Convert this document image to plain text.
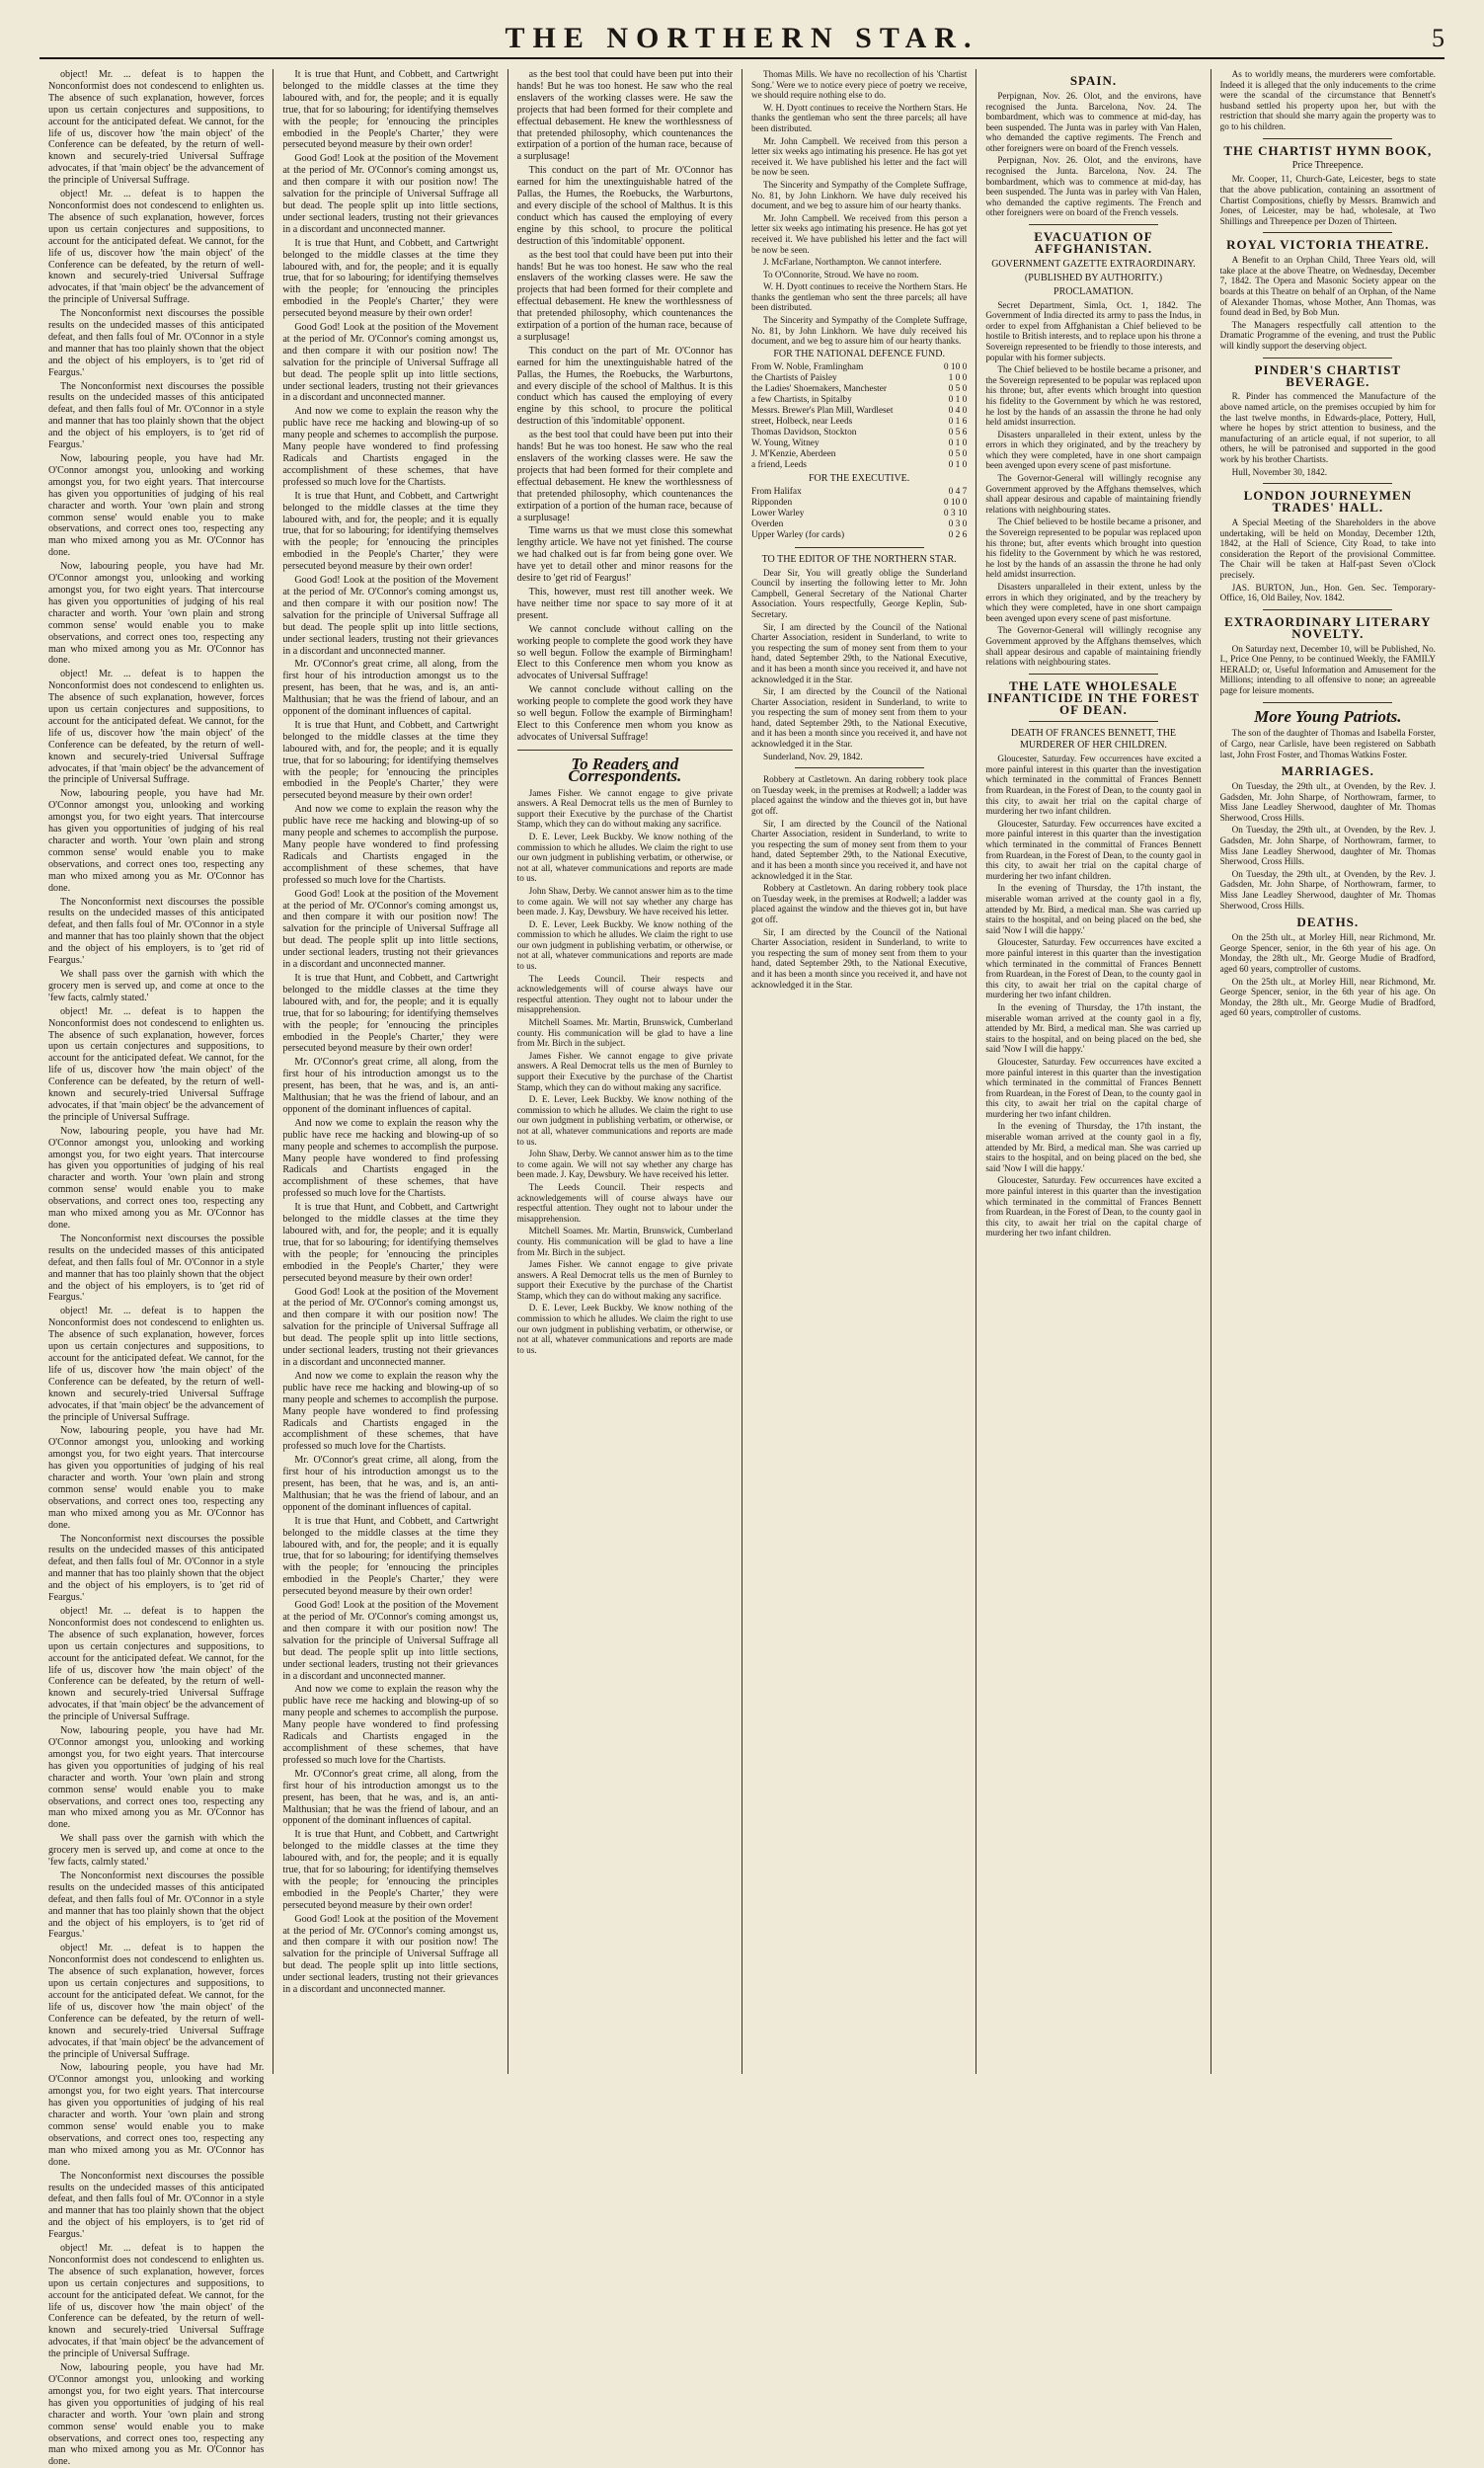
THE NORTHERN STAR.	5

object! Mr. ... defeat is to happen the Nonconformist does not condescend to enlighten us. The absence of such explanation, however, forces upon us certain conjectures and suppositions, to account for the anticipated defeat. We cannot, for the life of us, discover how 'the main object' of the Conference can be defeated, by the return of well-known and securely-tried Universal Suffrage advocates, if that 'main object' be the advancement of the principle of Universal Suffrage.

object! Mr. ... defeat is to happen the Nonconformist does not condescend to enlighten us. The absence of such explanation, however, forces upon us certain conjectures and suppositions, to account for the anticipated defeat. We cannot, for the life of us, discover how 'the main object' of the Conference can be defeated, by the return of well-known and securely-tried Universal Suffrage advocates, if that 'main object' be the advancement of the principle of Universal Suffrage.

The Nonconformist next discourses the possible results on the undecided masses of this anticipated defeat, and then falls foul of Mr. O'Connor in a style and manner that has too plainly shown that the object and the object of his employers, is to 'get rid of Feargus.'

The Nonconformist next discourses the possible results on the undecided masses of this anticipated defeat, and then falls foul of Mr. O'Connor in a style and manner that has too plainly shown that the object and the object of his employers, is to 'get rid of Feargus.'

Now, labouring people, you have had Mr. O'Connor amongst you, unlooking and working amongst you, for two eight years. That intercourse has given you opportunities of judging of his real character and worth. Your 'own plain and strong common sense' would enable you to make observations, and correct ones too, respecting any man who mixed among you as Mr. O'Connor has done.

Now, labouring people, you have had Mr. O'Connor amongst you, unlooking and working amongst you, for two eight years. That intercourse has given you opportunities of judging of his real character and worth. Your 'own plain and strong common sense' would enable you to make observations, and correct ones too, respecting any man who mixed among you as Mr. O'Connor has done.

object! Mr. ... defeat is to happen the Nonconformist does not condescend to enlighten us. The absence of such explanation, however, forces upon us certain conjectures and suppositions, to account for the anticipated defeat. We cannot, for the life of us, discover how 'the main object' of the Conference can be defeated, by the return of well-known and securely-tried Universal Suffrage advocates, if that 'main object' be the advancement of the principle of Universal Suffrage.

Now, labouring people, you have had Mr. O'Connor amongst you, unlooking and working amongst you, for two eight years. That intercourse has given you opportunities of judging of his real character and worth. Your 'own plain and strong common sense' would enable you to make observations, and correct ones too, respecting any man who mixed among you as Mr. O'Connor has done.

The Nonconformist next discourses the possible results on the undecided masses of this anticipated defeat, and then falls foul of Mr. O'Connor in a style and manner that has too plainly shown that the object and the object of his employers, is to 'get rid of Feargus.'

We shall pass over the garnish with which the grocery men is served up, and come at once to the 'few facts, calmly stated.'

object! Mr. ... defeat is to happen the Nonconformist does not condescend to enlighten us. The absence of such explanation, however, forces upon us certain conjectures and suppositions, to account for the anticipated defeat. We cannot, for the life of us, discover how 'the main object' of the Conference can be defeated, by the return of well-known and securely-tried Universal Suffrage advocates, if that 'main object' be the advancement of the principle of Universal Suffrage.

Now, labouring people, you have had Mr. O'Connor amongst you, unlooking and working amongst you, for two eight years. That intercourse has given you opportunities of judging of his real character and worth. Your 'own plain and strong common sense' would enable you to make observations, and correct ones too, respecting any man who mixed among you as Mr. O'Connor has done.

The Nonconformist next discourses the possible results on the undecided masses of this anticipated defeat, and then falls foul of Mr. O'Connor in a style and manner that has too plainly shown that the object and the object of his employers, is to 'get rid of Feargus.'

object! Mr. ... defeat is to happen the Nonconformist does not condescend to enlighten us. The absence of such explanation, however, forces upon us certain conjectures and suppositions, to account for the anticipated defeat. We cannot, for the life of us, discover how 'the main object' of the Conference can be defeated, by the return of well-known and securely-tried Universal Suffrage advocates, if that 'main object' be the advancement of the principle of Universal Suffrage.

Now, labouring people, you have had Mr. O'Connor amongst you, unlooking and working amongst you, for two eight years. That intercourse has given you opportunities of judging of his real character and worth. Your 'own plain and strong common sense' would enable you to make observations, and correct ones too, respecting any man who mixed among you as Mr. O'Connor has done.

The Nonconformist next discourses the possible results on the undecided masses of this anticipated defeat, and then falls foul of Mr. O'Connor in a style and manner that has too plainly shown that the object and the object of his employers, is to 'get rid of Feargus.'

object! Mr. ... defeat is to happen the Nonconformist does not condescend to enlighten us. The absence of such explanation, however, forces upon us certain conjectures and suppositions, to account for the anticipated defeat. We cannot, for the life of us, discover how 'the main object' of the Conference can be defeated, by the return of well-known and securely-tried Universal Suffrage advocates, if that 'main object' be the advancement of the principle of Universal Suffrage.

Now, labouring people, you have had Mr. O'Connor amongst you, unlooking and working amongst you, for two eight years. That intercourse has given you opportunities of judging of his real character and worth. Your 'own plain and strong common sense' would enable you to make observations, and correct ones too, respecting any man who mixed among you as Mr. O'Connor has done.

We shall pass over the garnish with which the grocery men is served up, and come at once to the 'few facts, calmly stated.'

The Nonconformist next discourses the possible results on the undecided masses of this anticipated defeat, and then falls foul of Mr. O'Connor in a style and manner that has too plainly shown that the object and the object of his employers, is to 'get rid of Feargus.'

object! Mr. ... defeat is to happen the Nonconformist does not condescend to enlighten us. The absence of such explanation, however, forces upon us certain conjectures and suppositions, to account for the anticipated defeat. We cannot, for the life of us, discover how 'the main object' of the Conference can be defeated, by the return of well-known and securely-tried Universal Suffrage advocates, if that 'main object' be the advancement of the principle of Universal Suffrage.

Now, labouring people, you have had Mr. O'Connor amongst you, unlooking and working amongst you, for two eight years. That intercourse has given you opportunities of judging of his real character and worth. Your 'own plain and strong common sense' would enable you to make observations, and correct ones too, respecting any man who mixed among you as Mr. O'Connor has done.

The Nonconformist next discourses the possible results on the undecided masses of this anticipated defeat, and then falls foul of Mr. O'Connor in a style and manner that has too plainly shown that the object and the object of his employers, is to 'get rid of Feargus.'

object! Mr. ... defeat is to happen the Nonconformist does not condescend to enlighten us. The absence of such explanation, however, forces upon us certain conjectures and suppositions, to account for the anticipated defeat. We cannot, for the life of us, discover how 'the main object' of the Conference can be defeated, by the return of well-known and securely-tried Universal Suffrage advocates, if that 'main object' be the advancement of the principle of Universal Suffrage.

Now, labouring people, you have had Mr. O'Connor amongst you, unlooking and working amongst you, for two eight years. That intercourse has given you opportunities of judging of his real character and worth. Your 'own plain and strong common sense' would enable you to make observations, and correct ones too, respecting any man who mixed among you as Mr. O'Connor has done.

It is true that Hunt, and Cobbett, and Cartwright belonged to the middle classes at the time they laboured with, and for, the people; and it is equally true, that for so labouring; for identifying themselves with the people; for 'ennoucing the principles embodied in the People's Charter,' they were persecuted beyond measure by their own order!

Good God! Look at the position of the Movement at the period of Mr. O'Connor's coming amongst us, and then compare it with our position now! The salvation for the principle of Universal Suffrage all but dead. The people split up into little sections, under sectional leaders, trusting not their grievances in a discordant and unconnected manner.

It is true that Hunt, and Cobbett, and Cartwright belonged to the middle classes at the time they laboured with, and for, the people; and it is equally true, that for so labouring; for identifying themselves with the people; for 'ennoucing the principles embodied in the People's Charter,' they were persecuted beyond measure by their own order!

Good God! Look at the position of the Movement at the period of Mr. O'Connor's coming amongst us, and then compare it with our position now! The salvation for the principle of Universal Suffrage all but dead. The people split up into little sections, under sectional leaders, trusting not their grievances in a discordant and unconnected manner.

And now we come to explain the reason why the public have rece me hacking and blowing-up of so many people and schemes to accomplish the purpose. Many people have wondered to find professing Radicals and Chartists engaged in the accomplishment of these schemes, that have professed so much love for the Chartists.

It is true that Hunt, and Cobbett, and Cartwright belonged to the middle classes at the time they laboured with, and for, the people; and it is equally true, that for so labouring; for identifying themselves with the people; for 'ennoucing the principles embodied in the People's Charter,' they were persecuted beyond measure by their own order!

Good God! Look at the position of the Movement at the period of Mr. O'Connor's coming amongst us, and then compare it with our position now! The salvation for the principle of Universal Suffrage all but dead. The people split up into little sections, under sectional leaders, trusting not their grievances in a discordant and unconnected manner.

Mr. O'Connor's great crime, all along, from the first hour of his introduction amongst us to the present, has been, that he was, and is, an anti-Malthusian; that he was the friend of labour, and an opponent of the dominant influences of capital.

It is true that Hunt, and Cobbett, and Cartwright belonged to the middle classes at the time they laboured with, and for, the people; and it is equally true, that for so labouring; for identifying themselves with the people; for 'ennoucing the principles embodied in the People's Charter,' they were persecuted beyond measure by their own order!

And now we come to explain the reason why the public have rece me hacking and blowing-up of so many people and schemes to accomplish the purpose. Many people have wondered to find professing Radicals and Chartists engaged in the accomplishment of these schemes, that have professed so much love for the Chartists.

Good God! Look at the position of the Movement at the period of Mr. O'Connor's coming amongst us, and then compare it with our position now! The salvation for the principle of Universal Suffrage all but dead. The people split up into little sections, under sectional leaders, trusting not their grievances in a discordant and unconnected manner.

It is true that Hunt, and Cobbett, and Cartwright belonged to the middle classes at the time they laboured with, and for, the people; and it is equally true, that for so labouring; for identifying themselves with the people; for 'ennoucing the principles embodied in the People's Charter,' they were persecuted beyond measure by their own order!

Mr. O'Connor's great crime, all along, from the first hour of his introduction amongst us to the present, has been, that he was, and is, an anti-Malthusian; that he was the friend of labour, and an opponent of the dominant influences of capital.

And now we come to explain the reason why the public have rece me hacking and blowing-up of so many people and schemes to accomplish the purpose. Many people have wondered to find professing Radicals and Chartists engaged in the accomplishment of these schemes, that have professed so much love for the Chartists.

It is true that Hunt, and Cobbett, and Cartwright belonged to the middle classes at the time they laboured with, and for, the people; and it is equally true, that for so labouring; for identifying themselves with the people; for 'ennoucing the principles embodied in the People's Charter,' they were persecuted beyond measure by their own order!

Good God! Look at the position of the Movement at the period of Mr. O'Connor's coming amongst us, and then compare it with our position now! The salvation for the principle of Universal Suffrage all but dead. The people split up into little sections, under sectional leaders, trusting not their grievances in a discordant and unconnected manner.

And now we come to explain the reason why the public have rece me hacking and blowing-up of so many people and schemes to accomplish the purpose. Many people have wondered to find professing Radicals and Chartists engaged in the accomplishment of these schemes, that have professed so much love for the Chartists.

Mr. O'Connor's great crime, all along, from the first hour of his introduction amongst us to the present, has been, that he was, and is, an anti-Malthusian; that he was the friend of labour, and an opponent of the dominant influences of capital.

It is true that Hunt, and Cobbett, and Cartwright belonged to the middle classes at the time they laboured with, and for, the people; and it is equally true, that for so labouring; for identifying themselves with the people; for 'ennoucing the principles embodied in the People's Charter,' they were persecuted beyond measure by their own order!

Good God! Look at the position of the Movement at the period of Mr. O'Connor's coming amongst us, and then compare it with our position now! The salvation for the principle of Universal Suffrage all but dead. The people split up into little sections, under sectional leaders, trusting not their grievances in a discordant and unconnected manner.

And now we come to explain the reason why the public have rece me hacking and blowing-up of so many people and schemes to accomplish the purpose. Many people have wondered to find professing Radicals and Chartists engaged in the accomplishment of these schemes, that have professed so much love for the Chartists.

Mr. O'Connor's great crime, all along, from the first hour of his introduction amongst us to the present, has been, that he was, and is, an anti-Malthusian; that he was the friend of labour, and an opponent of the dominant influences of capital.

It is true that Hunt, and Cobbett, and Cartwright belonged to the middle classes at the time they laboured with, and for, the people; and it is equally true, that for so labouring; for identifying themselves with the people; for 'ennoucing the principles embodied in the People's Charter,' they were persecuted beyond measure by their own order!

Good God! Look at the position of the Movement at the period of Mr. O'Connor's coming amongst us, and then compare it with our position now! The salvation for the principle of Universal Suffrage all but dead. The people split up into little sections, under sectional leaders, trusting not their grievances in a discordant and unconnected manner.

as the best tool that could have been put into their hands! But he was too honest. He saw who the real enslavers of the working classes were. He saw the projects that had been formed for their complete and effectual debasement. He knew the worthlessness of that pretended philosophy, which countenances the extirpation of a portion of the human race, because of a surplusage!

This conduct on the part of Mr. O'Connor has earned for him the unextinguishable hatred of the Pallas, the Humes, the Roebucks, the Warburtons, and every disciple of the school of Malthus. It is this conduct which has caused the employing of every engine by this school, to procure the political destruction of this 'indomitable' opponent.

as the best tool that could have been put into their hands! But he was too honest. He saw who the real enslavers of the working classes were. He saw the projects that had been formed for their complete and effectual debasement. He knew the worthlessness of that pretended philosophy, which countenances the extirpation of a portion of the human race, because of a surplusage!

This conduct on the part of Mr. O'Connor has earned for him the unextinguishable hatred of the Pallas, the Humes, the Roebucks, the Warburtons, and every disciple of the school of Malthus. It is this conduct which has caused the employing of every engine by this school, to procure the political destruction of this 'indomitable' opponent.

as the best tool that could have been put into their hands! But he was too honest. He saw who the real enslavers of the working classes were. He saw the projects that had been formed for their complete and effectual debasement. He knew the worthlessness of that pretended philosophy, which countenances the extirpation of a portion of the human race, because of a surplusage!

Time warns us that we must close this somewhat lengthy article. We have not yet finished. The course we had chalked out is far from being gone over. We have yet to detail other and minor reasons for the desire to 'get rid of Feargus!'

This, however, must rest till another week. We have neither time nor space to say more of it at present.

We cannot conclude without calling on the working people to complete the good work they have so well begun. Follow the example of Birmingham! Elect to this Conference men whom you know as advocates of Universal Suffrage!

We cannot conclude without calling on the working people to complete the good work they have so well begun. Follow the example of Birmingham! Elect to this Conference men whom you know as advocates of Universal Suffrage!

To Readers and Correspondents.

James Fisher. We cannot engage to give private answers. A Real Democrat tells us the men of Burnley to support their Executive by the purchase of the Chartist Stamp, which they can do without making any sacrifice.

D. E. Lever, Leek Buckby. We know nothing of the commission to which he alludes. We claim the right to use our own judgment in publishing verbatim, or otherwise, or not at all, whatever communications and reports are made to us.

John Shaw, Derby. We cannot answer him as to the time to come again. We will not say whether any charge has been made. J. Kay, Dewsbury. We have received his letter.

D. E. Lever, Leek Buckby. We know nothing of the commission to which he alludes. We claim the right to use our own judgment in publishing verbatim, or otherwise, or not at all, whatever communications and reports are made to us.

The Leeds Council. Their respects and acknowledgements will of course always have our respectful attention. They ought not to labour under the misapprehension.

Mitchell Soames. Mr. Martin, Brunswick, Cumberland county. His communication will be glad to have a line from Mr. Birch in the subject.

James Fisher. We cannot engage to give private answers. A Real Democrat tells us the men of Burnley to support their Executive by the purchase of the Chartist Stamp, which they can do without making any sacrifice.

D. E. Lever, Leek Buckby. We know nothing of the commission to which he alludes. We claim the right to use our own judgment in publishing verbatim, or otherwise, or not at all, whatever communications and reports are made to us.

John Shaw, Derby. We cannot answer him as to the time to come again. We will not say whether any charge has been made. J. Kay, Dewsbury. We have received his letter.

The Leeds Council. Their respects and acknowledgements will of course always have our respectful attention. They ought not to labour under the misapprehension.

Mitchell Soames. Mr. Martin, Brunswick, Cumberland county. His communication will be glad to have a line from Mr. Birch in the subject.

James Fisher. We cannot engage to give private answers. A Real Democrat tells us the men of Burnley to support their Executive by the purchase of the Chartist Stamp, which they can do without making any sacrifice.

D. E. Lever, Leek Buckby. We know nothing of the commission to which he alludes. We claim the right to use our own judgment in publishing verbatim, or otherwise, or not at all, whatever communications and reports are made to us.

Thomas Mills. We have no recollection of his 'Chartist Song.' Were we to notice every piece of poetry we receive, we should require nothing else to do.

W. H. Dyott continues to receive the Northern Stars. He thanks the gentleman who sent the three parcels; all have been distributed.

Mr. John Campbell. We received from this person a letter six weeks ago intimating his presence. He has got yet received it. We have published his letter and the fact will be now be seen.

The Sincerity and Sympathy of the Complete Suffrage, No. 81, by John Linkhorn. We have duly received his document, and we beg to assure him of our hearty thanks.

Mr. John Campbell. We received from this person a letter six weeks ago intimating his presence. He has got yet received it. We have published his letter and the fact will be now be seen.

J. McFarlane, Northampton. We cannot interfere.

To O'Connorite, Stroud. We have no room.

W. H. Dyott continues to receive the Northern Stars. He thanks the gentleman who sent the three parcels; all have been distributed.

The Sincerity and Sympathy of the Complete Suffrage, No. 81, by John Linkhorn. We have duly received his document, and we beg to assure him of our hearty thanks.

FOR THE NATIONAL DEFENCE FUND.
From W. Noble, Framlingham	0 10 0
the Chartists of Paisley	1 0 0
the Ladies' Shoemakers, Manchester	0 5 0
a few Chartists, in Spitalby	0 1 0
Messrs. Brewer's Plan Mill, Wardleset	0 4 0
street, Holbeck, near Leeds	0 1 6
Thomas Davidson, Stockton	0 5 6
W. Young, Witney	0 1 0
J. M'Kenzie, Aberdeen	0 5 0
a friend, Leeds	0 1 0
FOR THE EXECUTIVE.
From Halifax	0 4 7
Ripponden	0 10 0
Lower Warley	0 3 10
Overden	0 3 0
Upper Warley (for cards)	0 2 6
TO THE EDITOR OF THE NORTHERN STAR.

Dear Sir, You will greatly oblige the Sunderland Council by inserting the following letter to Mr. John Campbell, General Secretary of the National Charter Association. Yours respectfully, George Keplin, Sub-Secretary.

Sir, I am directed by the Council of the National Charter Association, resident in Sunderland, to write to you respecting the sum of money sent from them to your hand, dated September 29th, to the National Executive, and it has been a month since you received it, and have not acknowledged it in the Star.

Sir, I am directed by the Council of the National Charter Association, resident in Sunderland, to write to you respecting the sum of money sent from them to your hand, dated September 29th, to the National Executive, and it has been a month since you received it, and have not acknowledged it in the Star.

Sunderland, Nov. 29, 1842.

Robbery at Castletown. An daring robbery took place on Tuesday week, in the premises at Rodwell; a ladder was placed against the window and the thieves got in, but have got off.

Sir, I am directed by the Council of the National Charter Association, resident in Sunderland, to write to you respecting the sum of money sent from them to your hand, dated September 29th, to the National Executive, and it has been a month since you received it, and have not acknowledged it in the Star.

Robbery at Castletown. An daring robbery took place on Tuesday week, in the premises at Rodwell; a ladder was placed against the window and the thieves got in, but have got off.

Sir, I am directed by the Council of the National Charter Association, resident in Sunderland, to write to you respecting the sum of money sent from them to your hand, dated September 29th, to the National Executive, and it has been a month since you received it, and have not acknowledged it in the Star.

SPAIN.

Perpignan, Nov. 26. Olot, and the environs, have recognised the Junta. Barcelona, Nov. 24. The bombardment, which was to commence at mid-day, has been suspended. The Junta was in parley with Van Halen, who demanded the captive regiments. The French and other foreigners were on board of the French vessels.

Perpignan, Nov. 26. Olot, and the environs, have recognised the Junta. Barcelona, Nov. 24. The bombardment, which was to commence at mid-day, has been suspended. The Junta was in parley with Van Halen, who demanded the captive regiments. The French and other foreigners were on board of the French vessels.

EVACUATION OF AFFGHANISTAN.
GOVERNMENT GAZETTE EXTRAORDINARY.
(PUBLISHED BY AUTHORITY.)
PROCLAMATION.

Secret Department, Simla, Oct. 1, 1842. The Government of India directed its army to pass the Indus, in order to expel from Affghanistan a Chief believed to be hostile to British interests, and to replace upon his throne a Sovereign represented to be friendly to those interests, and popular with his former subjects.

The Chief believed to be hostile became a prisoner, and the Sovereign represented to be popular was replaced upon his throne; but, after events which brought into question his fidelity to the Government by which he was restored, he lost by the hands of an assassin the throne he had only held amidst insurrection.

Disasters unparalleled in their extent, unless by the errors in which they originated, and by the treachery by which they were completed, have in one short campaign been avenged upon every scene of past misfortune.

The Governor-General will willingly recognise any Government approved by the Affghans themselves, which shall appear desirous and capable of maintaining friendly relations with neighbouring states.

The Chief believed to be hostile became a prisoner, and the Sovereign represented to be popular was replaced upon his throne; but, after events which brought into question his fidelity to the Government by which he was restored, he lost by the hands of an assassin the throne he had only held amidst insurrection.

Disasters unparalleled in their extent, unless by the errors in which they originated, and by the treachery by which they were completed, have in one short campaign been avenged upon every scene of past misfortune.

The Governor-General will willingly recognise any Government approved by the Affghans themselves, which shall appear desirous and capable of maintaining friendly relations with neighbouring states.

THE LATE WHOLESALE INFANTICIDE IN THE FOREST OF DEAN.
DEATH OF FRANCES BENNETT, THE MURDERER OF HER CHILDREN.

Gloucester, Saturday. Few occurrences have excited a more painful interest in this quarter than the investigation which terminated in the committal of Frances Bennett from Ruardean, in the Forest of Dean, to the county gaol in this city, to await her trial on the capital charge of murdering her two infant children.

Gloucester, Saturday. Few occurrences have excited a more painful interest in this quarter than the investigation which terminated in the committal of Frances Bennett from Ruardean, in the Forest of Dean, to the county gaol in this city, to await her trial on the capital charge of murdering her two infant children.

In the evening of Thursday, the 17th instant, the miserable woman arrived at the county gaol in a fly, attended by Mr. Bird, a medical man. She was carried up stairs to the hospital, and on being placed on the bed, she said 'Now I will die happy.'

Gloucester, Saturday. Few occurrences have excited a more painful interest in this quarter than the investigation which terminated in the committal of Frances Bennett from Ruardean, in the Forest of Dean, to the county gaol in this city, to await her trial on the capital charge of murdering her two infant children.

In the evening of Thursday, the 17th instant, the miserable woman arrived at the county gaol in a fly, attended by Mr. Bird, a medical man. She was carried up stairs to the hospital, and on being placed on the bed, she said 'Now I will die happy.'

Gloucester, Saturday. Few occurrences have excited a more painful interest in this quarter than the investigation which terminated in the committal of Frances Bennett from Ruardean, in the Forest of Dean, to the county gaol in this city, to await her trial on the capital charge of murdering her two infant children.

In the evening of Thursday, the 17th instant, the miserable woman arrived at the county gaol in a fly, attended by Mr. Bird, a medical man. She was carried up stairs to the hospital, and on being placed on the bed, she said 'Now I will die happy.'

Gloucester, Saturday. Few occurrences have excited a more painful interest in this quarter than the investigation which terminated in the committal of Frances Bennett from Ruardean, in the Forest of Dean, to the county gaol in this city, to await her trial on the capital charge of murdering her two infant children.

As to worldly means, the murderers were comfortable. Indeed it is alleged that the only inducements to the crime were the scandal of the circumstance that Bennett's husband settled his property upon her, but with the restriction that should she marry again the property was to go to his children.

THE CHARTIST HYMN BOOK,
Price Threepence.

Mr. Cooper, 11, Church-Gate, Leicester, begs to state that the above publication, containing an assortment of Chartist Compositions, chiefly by Messrs. Bramwich and Jones, of Leicester, may be had, wholesale, at Two Shillings and Threepence per Dozen of Thirteen.

ROYAL VICTORIA THEATRE.

A Benefit to an Orphan Child, Three Years old, will take place at the above Theatre, on Wednesday, December 7, 1842. The Opera and Masonic Society appear on the boards at this Theatre on behalf of an Orphan, of the Name of Alexander Thomas, whose Mother, Ann Thomas, was found dead in Bed, by Bob Mun.

The Managers respectfully call attention to the Dramatic Programme of the evening, and trust the Public will kindly support the deserving object.

PINDER'S CHARTIST BEVERAGE.

R. Pinder has commenced the Manufacture of the above named article, on the premises occupied by him for the last twelve months, in Edwards-place, Pottery, Hull, where he hopes by strict attention to business, and the manufacturing of an article equal, if not superior, to all others, he will be patronised and supported in the good work by his brother Chartists.

Hull, November 30, 1842.

LONDON JOURNEYMEN TRADES' HALL.

A Special Meeting of the Shareholders in the above undertaking, will be held on Monday, December 12th, 1842, at the Hall of Science, City Road, to take into consideration the Report of the provisional Committee. The Chair will be taken at Half-past Seven o'Clock precisely.

JAS. BURTON, Jun., Hon. Gen. Sec. Temporary-Office, 16, Old Bailey, Nov. 1842.

EXTRAORDINARY LITERARY NOVELTY.

On Saturday next, December 10, will be Published, No. I., Price One Penny, to be continued Weekly, the FAMILY HERALD; or, Useful Information and Amusement for the Millions; intending to all offensive to none; an agreeable page for leisure moments.

More Young Patriots.

The son of the daughter of Thomas and Isabella Forster, of Cargo, near Carlisle, have been registered on Sabbath last, John Frost Foster, and Thomas Watkins Foster.

MARRIAGES.

On Tuesday, the 29th ult., at Ovenden, by the Rev. J. Gadsden, Mr. John Sharpe, of Northowram, farmer, to Miss Jane Leadley Sherwood, daughter of Mr. Thomas Sherwood, Cross Hills.

On Tuesday, the 29th ult., at Ovenden, by the Rev. J. Gadsden, Mr. John Sharpe, of Northowram, farmer, to Miss Jane Leadley Sherwood, daughter of Mr. Thomas Sherwood, Cross Hills.

On Tuesday, the 29th ult., at Ovenden, by the Rev. J. Gadsden, Mr. John Sharpe, of Northowram, farmer, to Miss Jane Leadley Sherwood, daughter of Mr. Thomas Sherwood, Cross Hills.

DEATHS.

On the 25th ult., at Morley Hill, near Richmond, Mr. George Spencer, senior, in the 6th year of his age. On Monday, the 28th ult., Mr. George Mudie of Bradford, aged 60 years, comptroller of customs.

On the 25th ult., at Morley Hill, near Richmond, Mr. George Spencer, senior, in the 6th year of his age. On Monday, the 28th ult., Mr. George Mudie of Bradford, aged 60 years, comptroller of customs.
